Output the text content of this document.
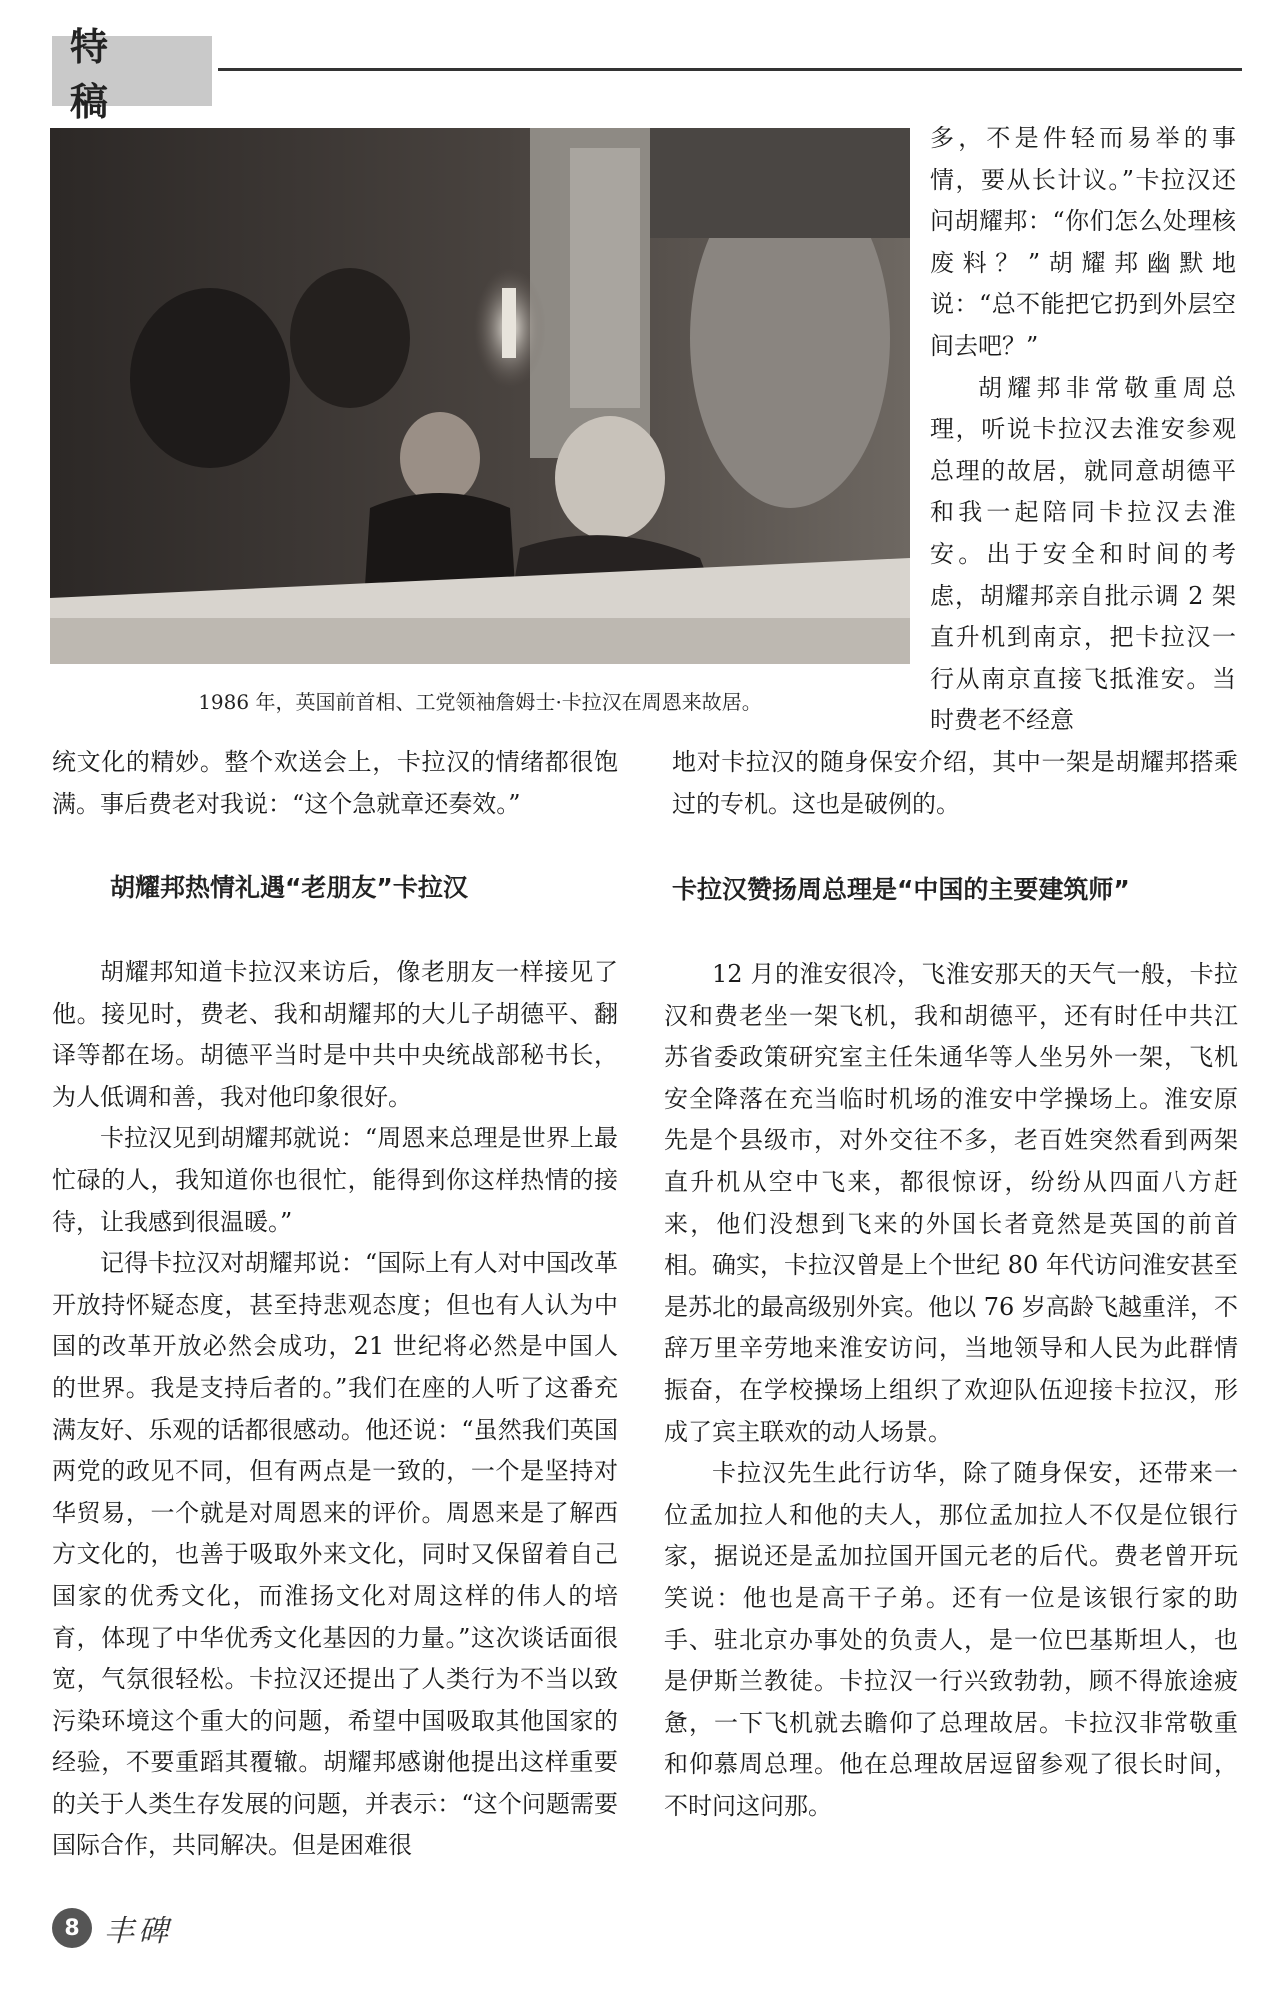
特 稿
1986 年，英国前首相、工党领袖詹姆士·卡拉汉在周恩来故居。

多，不是件轻而易举的事情，要从长计议。”卡拉汉还问胡耀邦：“你们怎么处理核废料？”胡耀邦幽默地说：“总不能把它扔到外层空间去吧？”

胡耀邦非常敬重周总理，听说卡拉汉去淮安参观总理的故居，就同意胡德平和我一起陪同卡拉汉去淮安。出于安全和时间的考虑，胡耀邦亲自批示调 2 架直升机到南京，把卡拉汉一行从南京直接飞抵淮安。当时费老不经意

统文化的精妙。整个欢送会上，卡拉汉的情绪都很饱满。事后费老对我说：“这个急就章还奏效。”

地对卡拉汉的随身保安介绍，其中一架是胡耀邦搭乘过的专机。这也是破例的。

胡耀邦热情礼遇“老朋友”卡拉汉	卡拉汉赞扬周总理是“中国的主要建筑师”

胡耀邦知道卡拉汉来访后，像老朋友一样接见了他。接见时，费老、我和胡耀邦的大儿子胡德平、翻译等都在场。胡德平当时是中共中央统战部秘书长，为人低调和善，我对他印象很好。

卡拉汉见到胡耀邦就说：“周恩来总理是世界上最忙碌的人，我知道你也很忙，能得到你这样热情的接待，让我感到很温暖。”

记得卡拉汉对胡耀邦说：“国际上有人对中国改革开放持怀疑态度，甚至持悲观态度；但也有人认为中国的改革开放必然会成功，21 世纪将必然是中国人的世界。我是支持后者的。”我们在座的人听了这番充满友好、乐观的话都很感动。他还说：“虽然我们英国两党的政见不同，但有两点是一致的，一个是坚持对华贸易，一个就是对周恩来的评价。周恩来是了解西方文化的，也善于吸取外来文化，同时又保留着自己国家的优秀文化，而淮扬文化对周这样的伟人的培育，体现了中华优秀文化基因的力量。”这次谈话面很宽，气氛很轻松。卡拉汉还提出了人类行为不当以致污染环境这个重大的问题，希望中国吸取其他国家的经验，不要重蹈其覆辙。胡耀邦感谢他提出这样重要的关于人类生存发展的问题，并表示：“这个问题需要国际合作，共同解决。但是困难很

12 月的淮安很冷，飞淮安那天的天气一般，卡拉汉和费老坐一架飞机，我和胡德平，还有时任中共江苏省委政策研究室主任朱通华等人坐另外一架，飞机安全降落在充当临时机场的淮安中学操场上。淮安原先是个县级市，对外交往不多，老百姓突然看到两架直升机从空中飞来，都很惊讶，纷纷从四面八方赶来，他们没想到飞来的外国长者竟然是英国的前首相。确实，卡拉汉曾是上个世纪 80 年代访问淮安甚至是苏北的最高级别外宾。他以 76 岁高龄飞越重洋，不辞万里辛劳地来淮安访问，当地领导和人民为此群情振奋，在学校操场上组织了欢迎队伍迎接卡拉汉，形成了宾主联欢的动人场景。

卡拉汉先生此行访华，除了随身保安，还带来一位孟加拉人和他的夫人，那位孟加拉人不仅是位银行家，据说还是孟加拉国开国元老的后代。费老曾开玩笑说：他也是高干子弟。还有一位是该银行家的助手、驻北京办事处的负责人，是一位巴基斯坦人，也是伊斯兰教徒。卡拉汉一行兴致勃勃，顾不得旅途疲惫，一下飞机就去瞻仰了总理故居。卡拉汉非常敬重和仰慕周总理。他在总理故居逗留参观了很长时间，不时问这问那。

8 丰碑
